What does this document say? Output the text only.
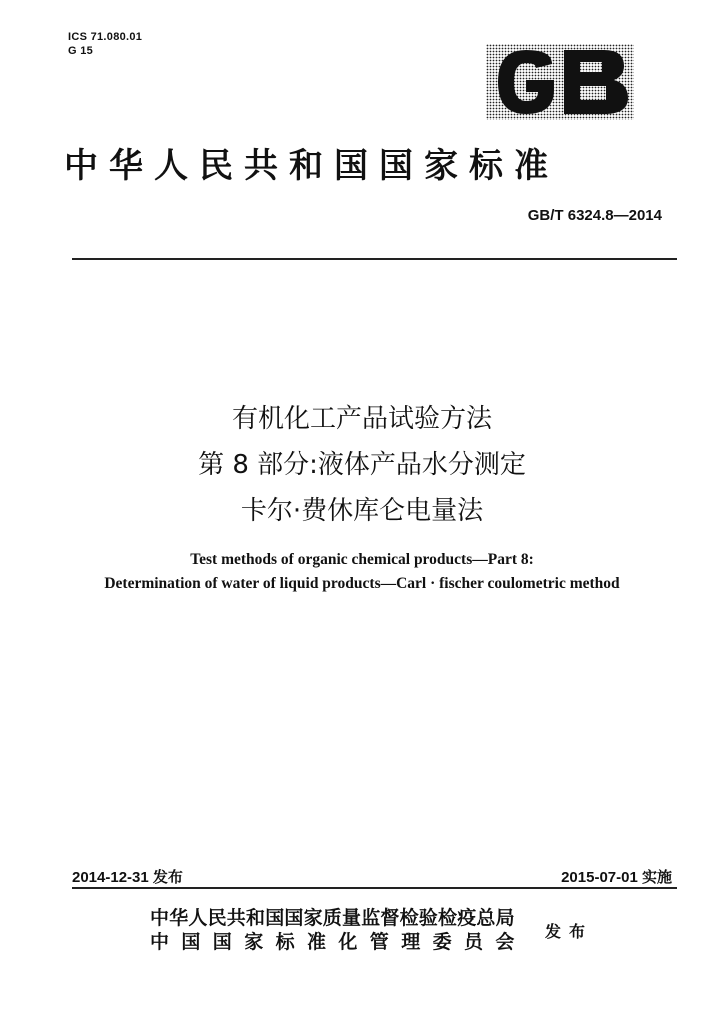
ICS 71.080.01
G 15
中华人民共和国国家标准
GB/T 6324.8—2014
有机化工产品试验方法
第 8 部分:液体产品水分测定
卡尔·费休库仑电量法
Test methods of organic chemical products—Part 8:
Determination of water of liquid products—Carl · fischer coulometric method
2014-12-31 发布	2015-07-01 实施
中华人民共和国国家质量监督检验检疫总局
中国国家标准化管理委员会 发布
